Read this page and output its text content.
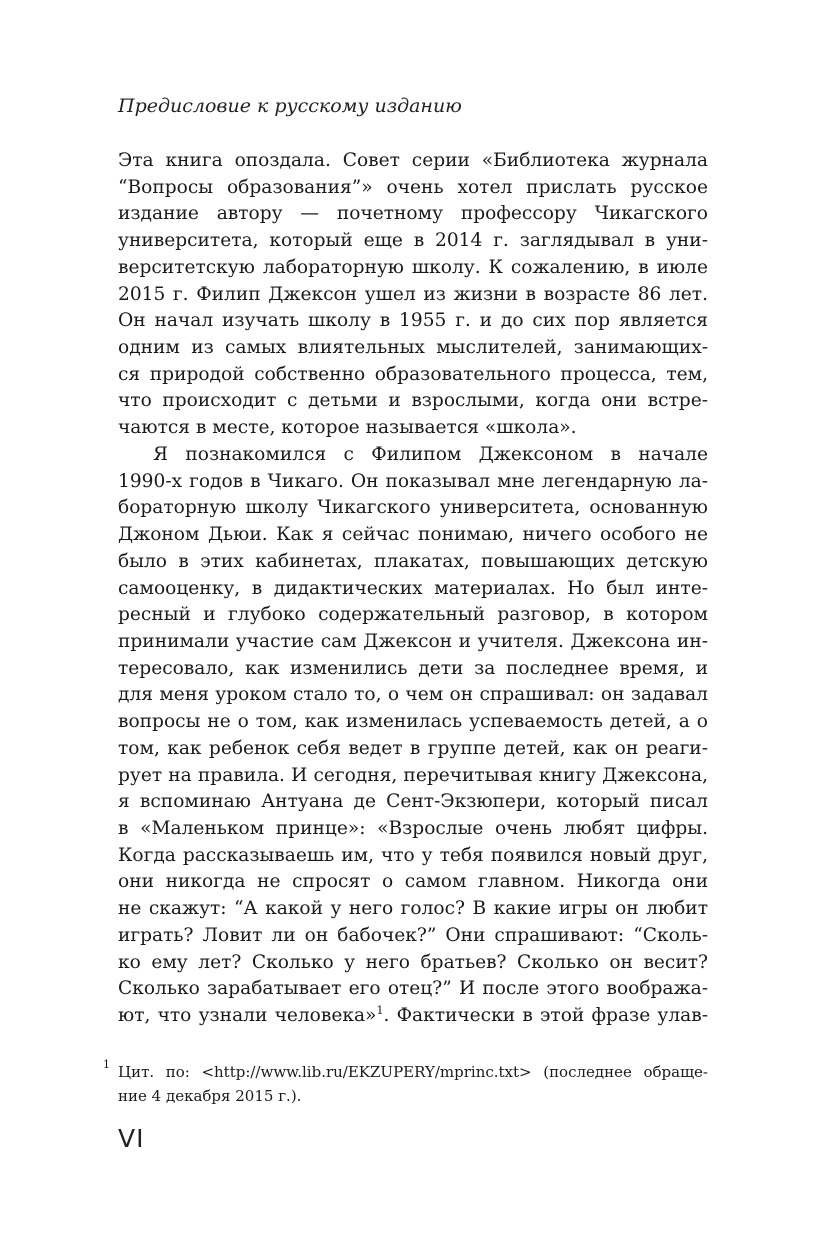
Предисловие к русскому изданию
Эта книга опоздала. Совет серии «Библиотека журнала
“Вопросы образования”» очень хотел прислать русское
издание автору — почетному профессору Чикагского
университета, который еще в 2014 г. заглядывал в уни-
верситетскую лабораторную школу. К сожалению, в июле
2015 г. Филип Джексон ушел из жизни в возрасте 86 лет.
Он начал изучать школу в 1955 г. и до сих пор является
одним из самых влиятельных мыслителей, занимающих-
ся природой собственно образовательного процесса, тем,
что происходит с детьми и взрослыми, когда они встре-
чаются в месте, которое называется «школа».
Я познакомился с Филипом Джексоном в начале
1990-х годов в Чикаго. Он показывал мне легендарную ла-
бораторную школу Чикагского университета, основанную
Джоном Дьюи. Как я сейчас понимаю, ничего особого не
было в этих кабинетах, плакатах, повышающих детскую
самооценку, в дидактических материалах. Но был инте-
ресный и глубоко содержательный разговор, в котором
принимали участие сам Джексон и учителя. Джексона ин-
тересовало, как изменились дети за последнее время, и
для меня уроком стало то, о чем он спрашивал: он задавал
вопросы не о том, как изменилась успеваемость детей, а о
том, как ребенок себя ведет в группе детей, как он реаги-
рует на правила. И сегодня, перечитывая книгу Джексона,
я вспоминаю Антуана де Сент-Экзюпери, который писал
в «Маленьком принце»: «Взрослые очень любят цифры.
Когда рассказываешь им, что у тебя появился новый друг,
они никогда не спросят о самом главном. Никогда они
не скажут: “А какой у него голос? В какие игры он любит
играть? Ловит ли он бабочек?” Они спрашивают: “Сколь-
ко ему лет? Сколько у него братьев? Сколько он весит?
Сколько зарабатывает его отец?” И после этого вообража-
ют, что узнали человека»$^1$. Фактически в этой фразе улав-
1 Цит. по: <http://www.lib.ru/EKZUPERY/mprinc.txt> (последнее обраще-
ние 4 декабря 2015 г.).
VI
